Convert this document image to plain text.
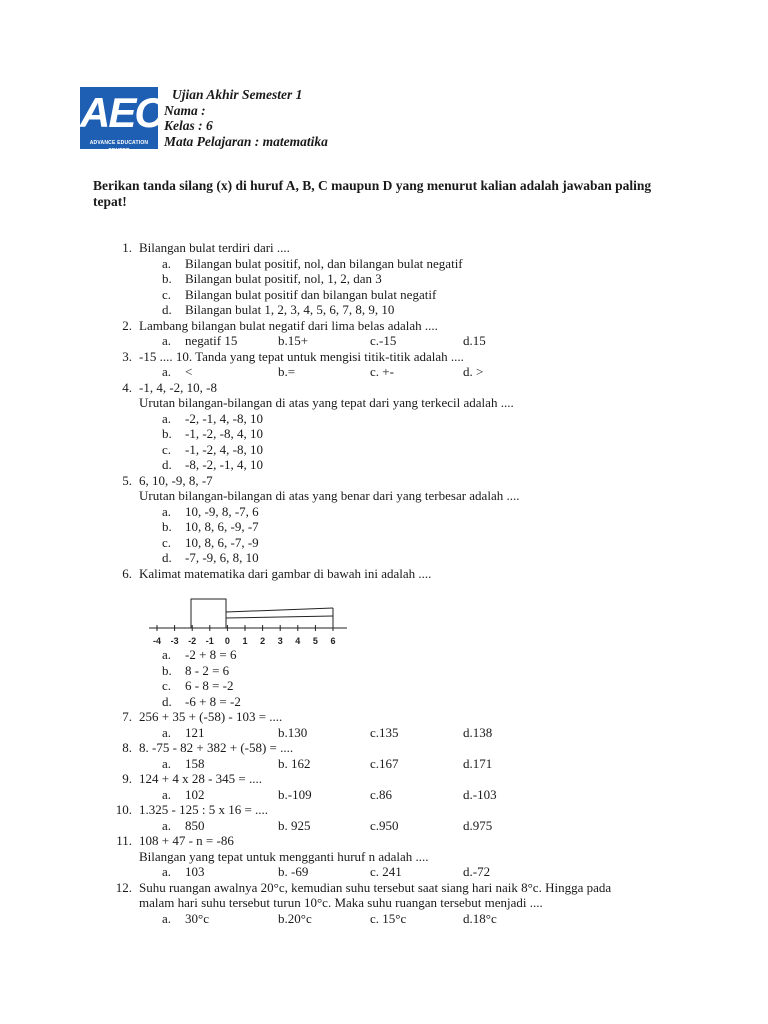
AEC
ADVANCE EDUCATION CENTER
Ujian Akhir Semester 1
Nama :
Kelas : 6
Mata Pelajaran : matematika
Berikan tanda silang (x) di huruf A, B, C maupun D yang menurut kalian adalah jawaban paling tepat!
1. Bilangan bulat terdiri dari ....
a. Bilangan bulat positif, nol, dan bilangan bulat negatif
b. Bilangan bulat positif, nol, 1, 2, dan 3
c. Bilangan bulat positif dan bilangan bulat negatif
d. Bilangan bulat 1, 2, 3, 4, 5, 6, 7, 8, 9, 10
2. Lambang bilangan bulat negatif dari lima belas adalah ....
a. negatif 15	b.15+	c.-15	d.15
3. -15 .... 10. Tanda yang tepat untuk mengisi titik-titik adalah ....
a. <	b.=	c. +-	d. >
4. -1, 4, -2, 10, -8
Urutan bilangan-bilangan di atas yang tepat dari yang terkecil adalah ....
a. -2, -1, 4, -8, 10
b. -1, -2, -8, 4, 10
c. -1, -2, 4, -8, 10
d. -8, -2, -1, 4, 10
5. 6, 10, -9, 8, -7
Urutan bilangan-bilangan di atas yang benar dari yang terbesar adalah ....
a. 10, -9, 8, -7, 6
b. 10, 8, 6, -9, -7
c. 10, 8, 6, -7, -9
d. -7, -9, 6, 8, 10
6. Kalimat matematika dari gambar di bawah ini adalah ....
a. -2 + 8 = 6
b. 8 - 2 = 6
c. 6 - 8 = -2
d. -6 + 8 = -2
7. 256 + 35 + (-58) - 103 = ....
a. 121	b.130	c.135	d.138
8. 8. -75 - 82 + 382 + (-58) = ....
a. 158	b. 162	c.167	d.171
9. 124 + 4 x 28 - 345 = ....
a. 102	b.-109	c.86	d.-103
10. 1.325 - 125 : 5 x 16 = ....
a. 850	b. 925	c.950	d.975
11. 108 + 47 - n = -86
Bilangan yang tepat untuk mengganti huruf n adalah ....
a. 103	b. -69	c. 241	d.-72
12. Suhu ruangan awalnya 20°c, kemudian suhu tersebut saat siang hari naik 8°c. Hingga pada
malam hari suhu tersebut turun 10°c. Maka suhu ruangan tersebut menjadi ....
a. 30°c	b.20°c	c. 15°c	d.18°c
-4 -3 -2 -1 0 1 2 3 4 5 6
